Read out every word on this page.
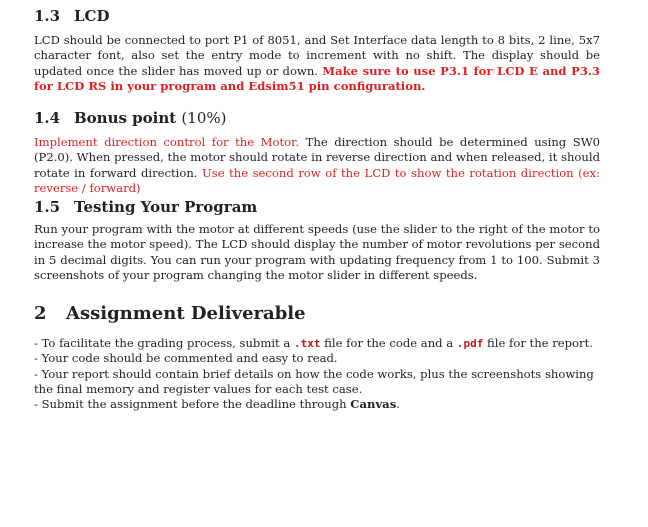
1.3 LCD
LCD should be connected to port P1 of 8051, and Set Interface data length to 8 bits, 2 line, 5x7 character font, also set the entry mode to increment with no shift. The display should be updated once the slider has moved up or down. Make sure to use P3.1 for LCD E and P3.3 for LCD RS in your program and Edsim51 pin configuration.
1.4 Bonus point (10%)
Implement direction control for the Motor. The direction should be determined using SW0 (P2.0). When pressed, the motor should rotate in reverse direction and when released, it should rotate in forward direction. Use the second row of the LCD to show the rotation direction (ex: reverse / forward)
1.5 Testing Your Program
Run your program with the motor at different speeds (use the slider to the right of the motor to increase the motor speed). The LCD should display the number of motor revolutions per second in 5 decimal digits. You can run your program with updating frequency from 1 to 100. Submit 3 screenshots of your program changing the motor slider in different speeds.
2 Assignment Deliverable
- To facilitate the grading process, submit a .txt file for the code and a .pdf file for the report.
- Your code should be commented and easy to read.
- Your report should contain brief details on how the code works, plus the screenshots showing the final memory and register values for each test case.
- Submit the assignment before the deadline through Canvas.
